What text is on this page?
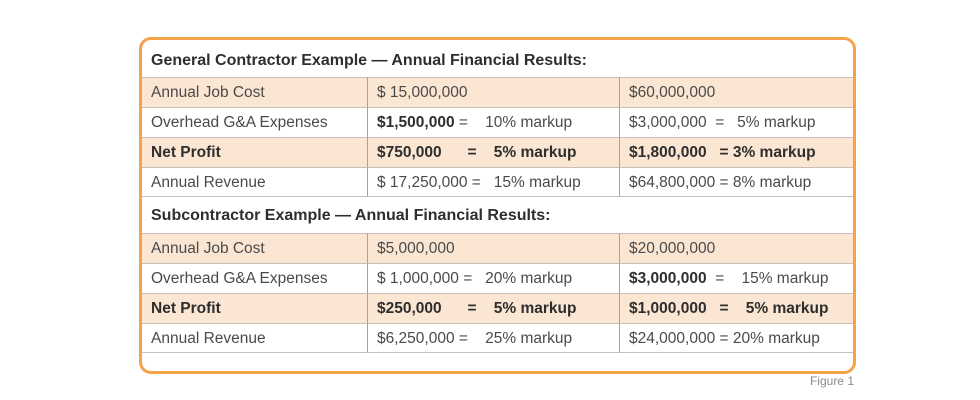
General Contractor Example — Annual Financial Results:
Annual Job Cost	$ 15,000,000	$60,000,000
Overhead G&A Expenses	$1,500,000 =    10% markup	$3,000,000  =   5% markup
Net Profit	$750,000      =    5% markup	$1,800,000   = 3% markup
Annual Revenue	$ 17,250,000 =   15% markup	$64,800,000 = 8% markup
Subcontractor Example — Annual Financial Results:
Annual Job Cost	$5,000,000	$20,000,000
Overhead G&A Expenses	$ 1,000,000 =   20% markup	$3,000,000  =    15% markup
Net Profit	$250,000      =    5% markup	$1,000,000   =    5% markup
Annual Revenue	$6,250,000 =    25% markup	$24,000,000 = 20% markup
Figure 1
